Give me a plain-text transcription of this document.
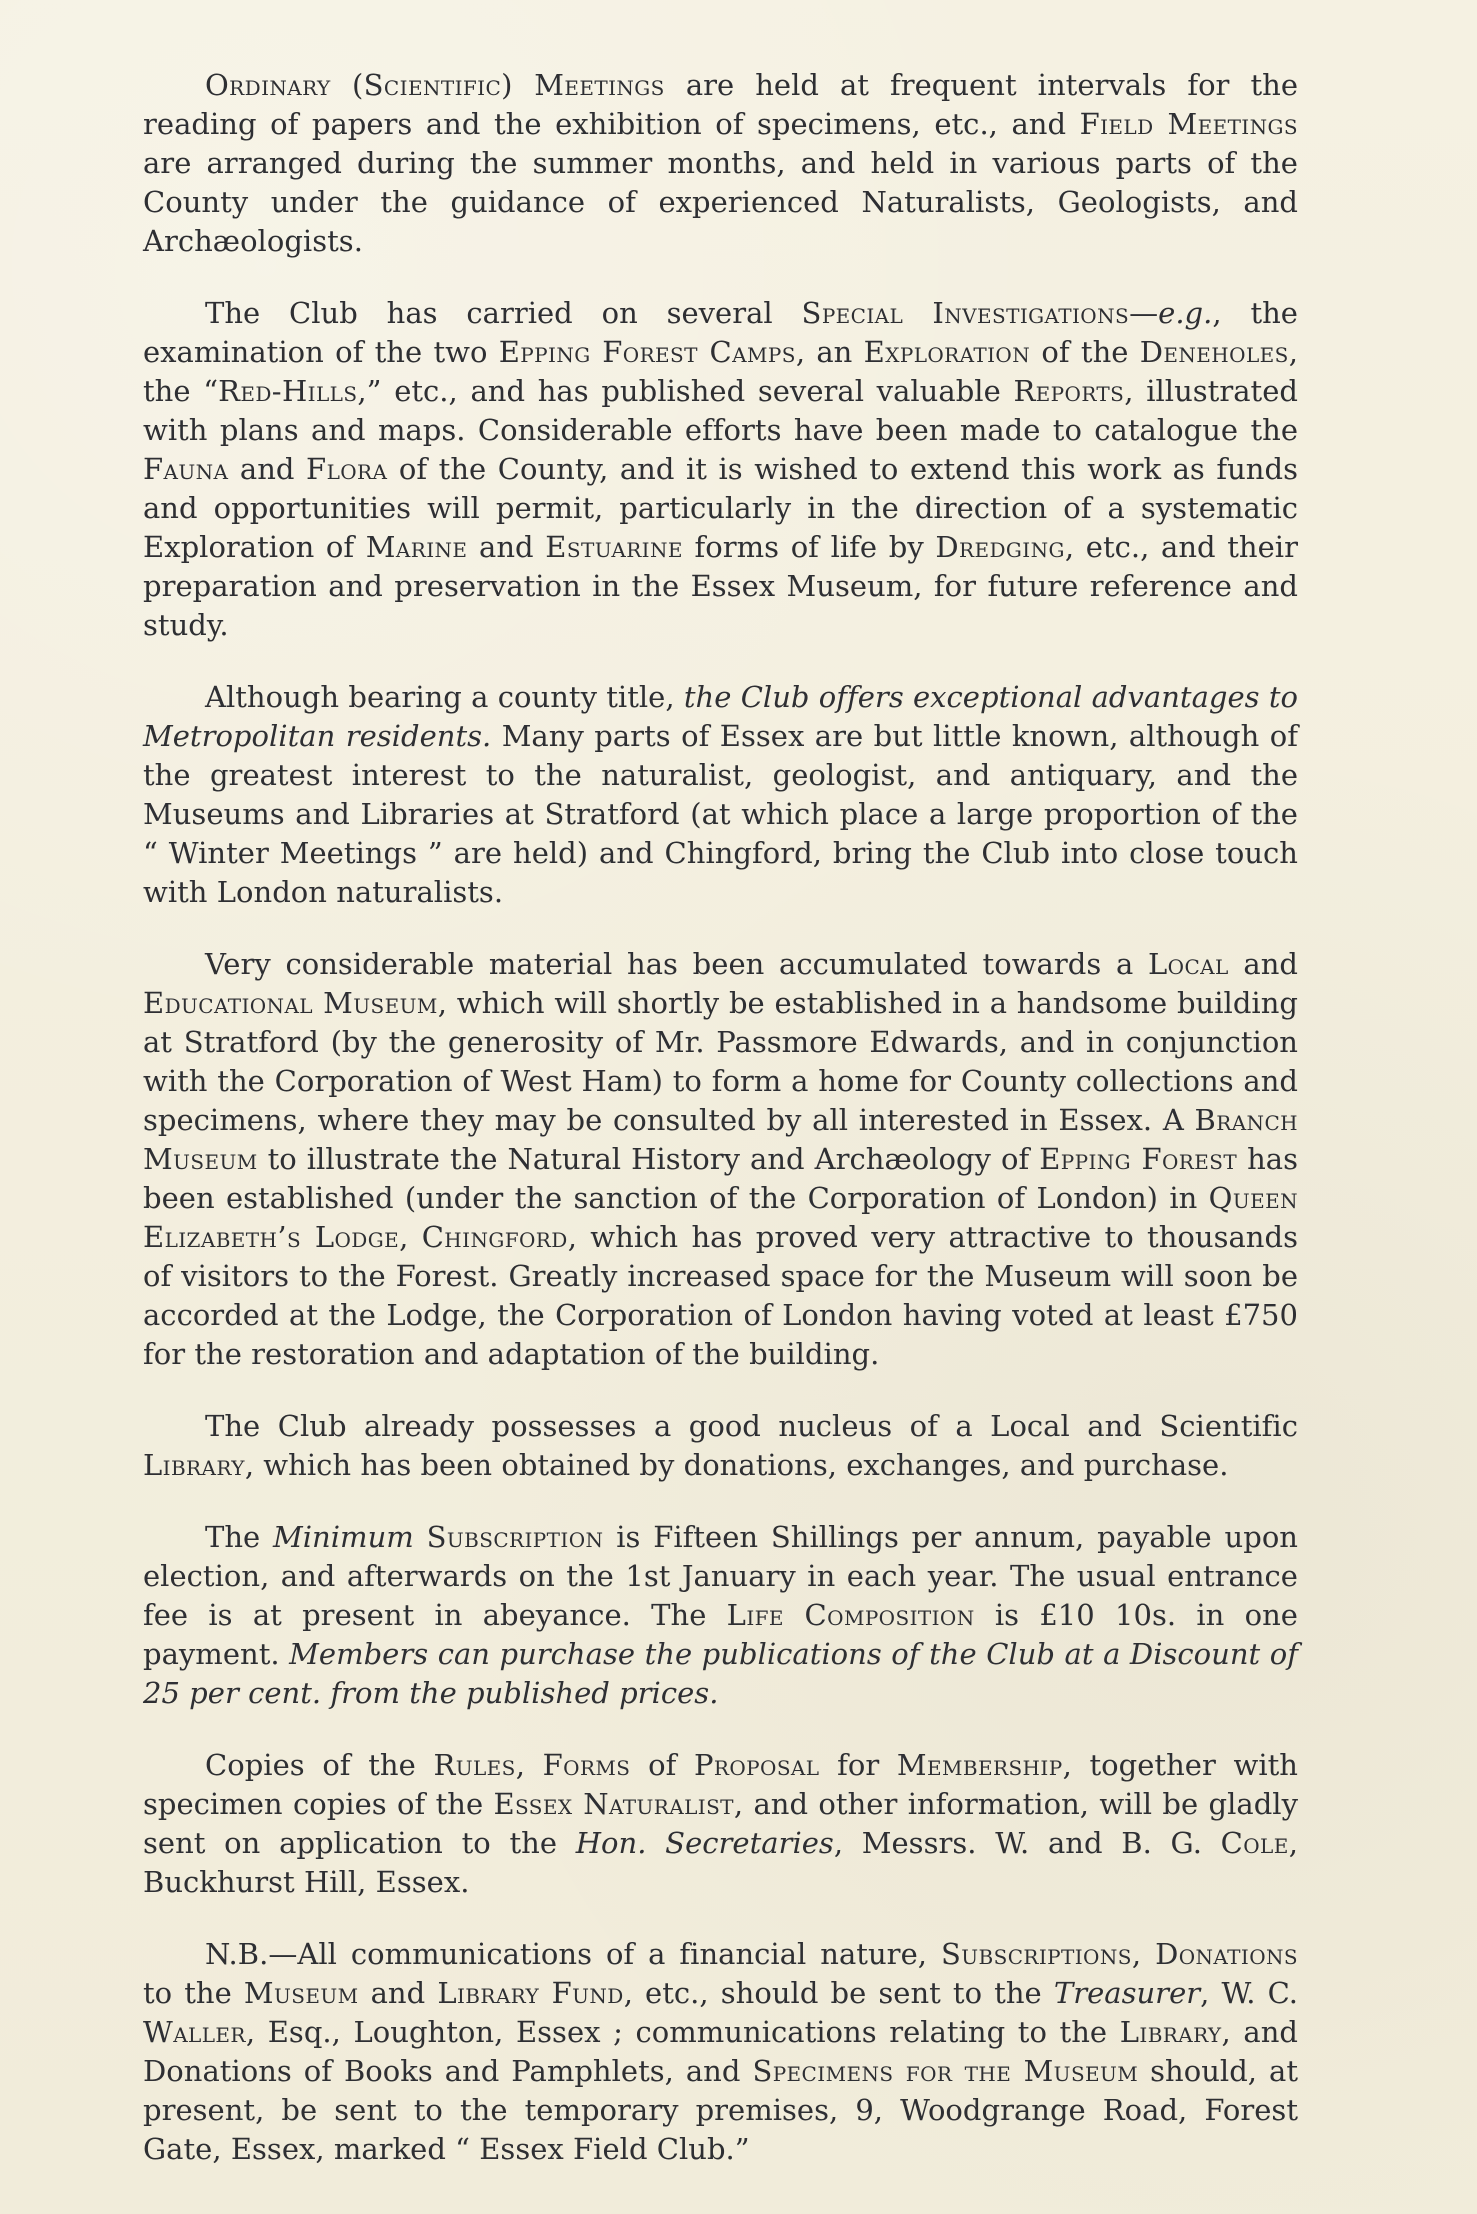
Ordinary (Scientific) Meetings are held at frequent intervals for the reading of papers and the exhibition of specimens, etc., and Field Meetings are arranged during the summer months, and held in various parts of the County under the guidance of experienced Naturalists, Geologists, and Archæologists.

The Club has carried on several Special Investigations—e.g., the examination of the two Epping Forest Camps, an Exploration of the Deneholes, the “Red-Hills,” etc., and has published several valuable Reports, illustrated with plans and maps. Considerable efforts have been made to catalogue the Fauna and Flora of the County, and it is wished to extend this work as funds and opportunities will permit, particularly in the direction of a systematic Exploration of Marine and Estuarine forms of life by Dredging, etc., and their preparation and preservation in the Essex Museum, for future reference and study.

Although bearing a county title, the Club offers exceptional advantages to Metropolitan residents. Many parts of Essex are but little known, although of the greatest interest to the naturalist, geologist, and antiquary, and the Museums and Libraries at Stratford (at which place a large proportion of the “ Winter Meetings ” are held) and Chingford, bring the Club into close touch with London naturalists.

Very considerable material has been accumulated towards a Local and Educational Museum, which will shortly be established in a handsome building at Stratford (by the generosity of Mr. Passmore Edwards, and in conjunction with the Corporation of West Ham) to form a home for County collections and specimens, where they may be consulted by all interested in Essex. A Branch Museum to illustrate the Natural History and Archæology of Epping Forest has been established (under the sanction of the Corporation of London) in Queen Elizabeth’s Lodge, Chingford, which has proved very attractive to thousands of visitors to the Forest. Greatly increased space for the Museum will soon be accorded at the Lodge, the Corporation of London having voted at least £750 for the restoration and adaptation of the building.

The Club already possesses a good nucleus of a Local and Scientific Library, which has been obtained by donations, exchanges, and purchase.

The Minimum Subscription is Fifteen Shillings per annum, payable upon election, and afterwards on the 1st January in each year. The usual entrance fee is at present in abeyance. The Life Composition is £10 10s. in one payment. Members can purchase the publications of the Club at a Discount of 25 per cent. from the published prices.

Copies of the Rules, Forms of Proposal for Membership, together with specimen copies of the Essex Naturalist, and other information, will be gladly sent on application to the Hon. Secretaries, Messrs. W. and B. G. Cole, Buckhurst Hill, Essex.

N.B.—All communications of a financial nature, Subscriptions, Donations to the Museum and Library Fund, etc., should be sent to the Treasurer, W. C. Waller, Esq., Loughton, Essex ; communications relating to the Library, and Donations of Books and Pamphlets, and Specimens for the Museum should, at present, be sent to the temporary premises, 9, Woodgrange Road, Forest Gate, Essex, marked “ Essex Field Club.”
